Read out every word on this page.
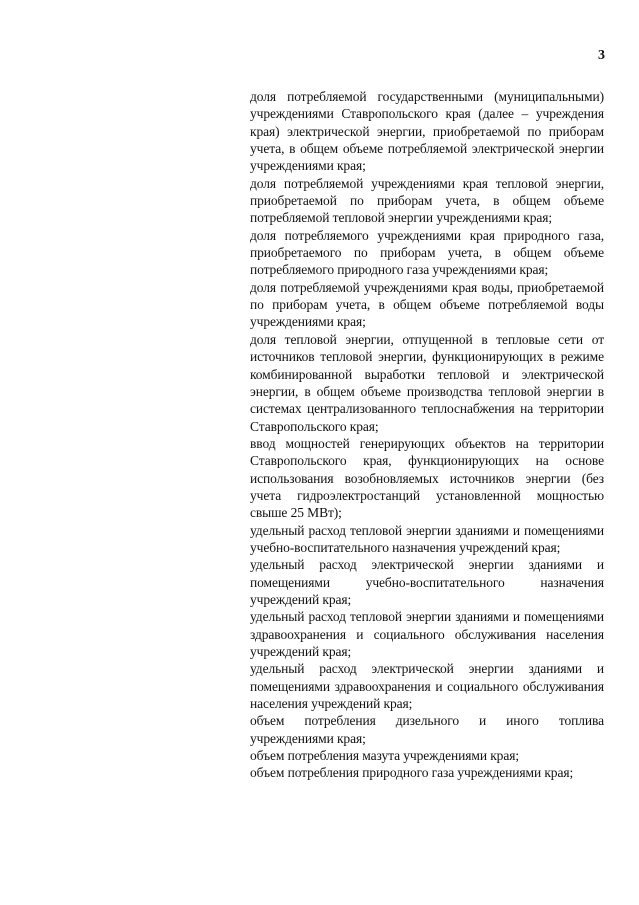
3

доля потребляемой государственными (муниципальными) учреждениями Ставропольского края (далее – учреждения края) электрической энергии, приобретаемой по приборам учета, в общем объеме потребляемой электрической энергии учреждениями края;

доля потребляемой учреждениями края тепловой энергии, приобретаемой по приборам учета, в общем объеме потребляемой тепловой энергии учреждениями края;

доля потребляемого учреждениями края природного газа, приобретаемого по приборам учета, в общем объеме потребляемого природного газа учреждениями края;

доля потребляемой учреждениями края воды, приобретаемой по приборам учета, в общем объеме потребляемой воды учреждениями края;

доля тепловой энергии, отпущенной в тепловые сети от источников тепловой энергии, функционирующих в режиме комбинированной выработки тепловой и электрической энергии, в общем объеме производства тепловой энергии в системах централизованного теплоснабжения на территории Ставропольского края;

ввод мощностей генерирующих объектов на территории Ставропольского края, функционирующих на основе использования возобновляемых источников энергии (без учета гидроэлектростанций установленной мощностью свыше 25 МВт);

удельный расход тепловой энергии зданиями и помещениями учебно-воспитательного назначения учреждений края;

удельный расход электрической энергии зданиями и помещениями учебно-воспитательного назначения учреждений края;

удельный расход тепловой энергии зданиями и помещениями здравоохранения и социального обслуживания населения учреждений края;

удельный расход электрической энергии зданиями и помещениями здравоохранения и социального обслуживания населения учреждений края;

объем потребления дизельного и иного топлива учреждениями края;

объем потребления мазута учреждениями края;

объем потребления природного газа учреждениями края;
